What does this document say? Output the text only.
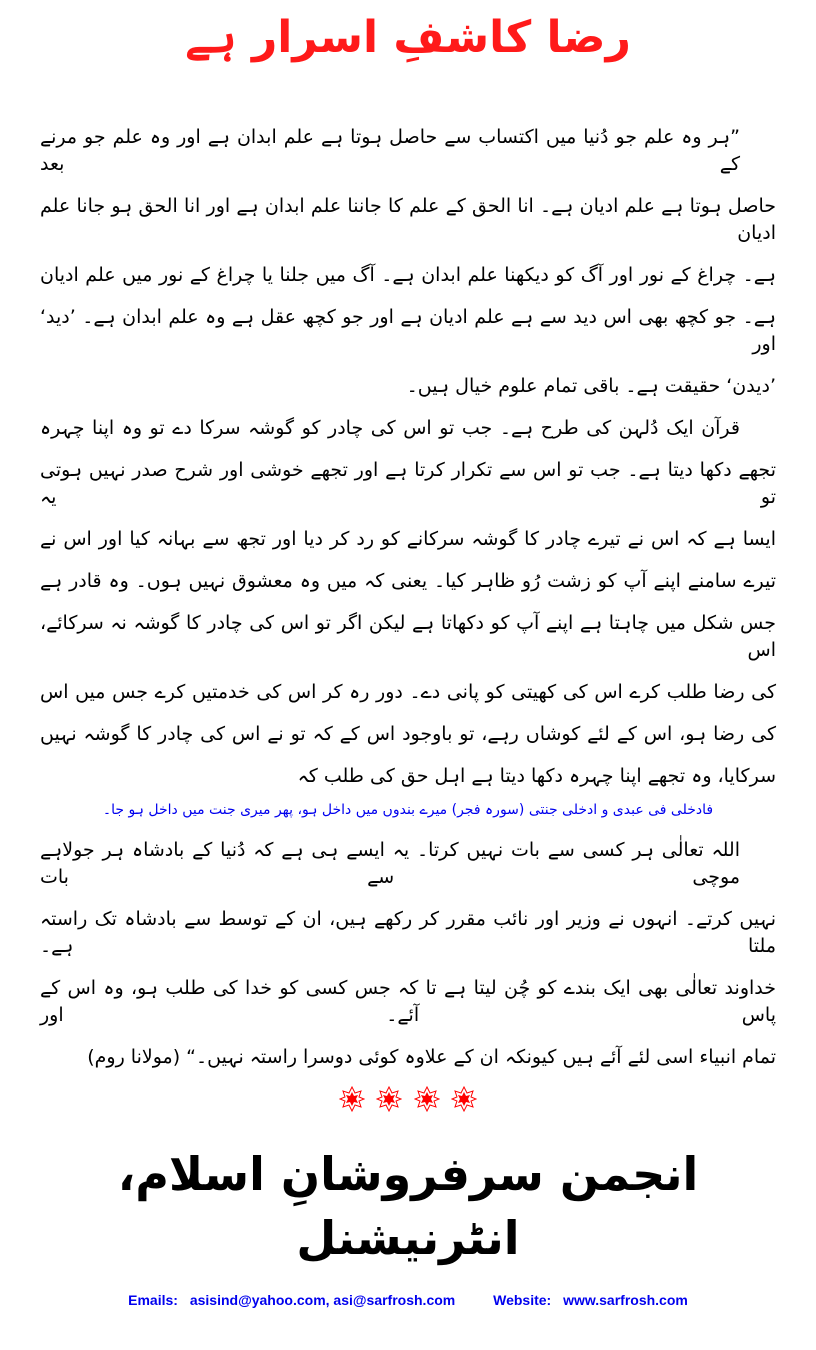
رضا کاشفِ اسرار ہے
”ہر وہ علم جو دُنیا میں اکتساب سے حاصل ہوتا ہے علم ابدان ہے اور وہ علم جو مرنے کے بعد
حاصل ہوتا ہے علم ادیان ہے۔ انا الحق کے علم کا جاننا علم ابدان ہے اور انا الحق ہو جانا علم ادیان
ہے۔ چراغ کے نور اور آگ کو دیکھنا علم ابدان ہے۔ آگ میں جلنا یا چراغ کے نور میں علم ادیان
ہے۔ جو کچھ بھی اس دید سے ہے علم ادیان ہے اور جو کچھ عقل ہے وہ علم ابدان ہے۔ ’دید‘ اور
’دیدن‘ حقیقت ہے۔ باقی تمام علوم خیال ہیں۔
قرآن ایک دُلہن کی طرح ہے۔ جب تو اس کی چادر کو گوشہ سرکا دے تو وہ اپنا چہرہ
تجھے دکھا دیتا ہے۔ جب تو اس سے تکرار کرتا ہے اور تجھے خوشی اور شرح صدر نہیں ہوتی تو یہ
ایسا ہے کہ اس نے تیرے چادر کا گوشہ سرکانے کو رد کر دیا اور تجھ سے بہانہ کیا اور اس نے
تیرے سامنے اپنے آپ کو زشت رُو ظاہر کیا۔ یعنی کہ میں وہ معشوق نہیں ہوں۔ وہ قادر ہے
جس شکل میں چاہتا ہے اپنے آپ کو دکھاتا ہے لیکن اگر تو اس کی چادر کا گوشہ نہ سرکائے، اس
کی رضا طلب کرے اس کی کھیتی کو پانی دے۔ دور رہ کر اس کی خدمتیں کرے جس میں اس
کی رضا ہو، اس کے لئے کوشاں رہے، تو باوجود اس کے کہ تو نے اس کی چادر کا گوشہ نہیں
سرکایا، وہ تجھے اپنا چہرہ دکھا دیتا ہے اہل حق کی طلب کہ
فادخلی فی عبدی و ادخلی جنتی (سورہ فجر) میرے بندوں میں داخل ہو، پھر میری جنت میں داخل ہو جا۔
اللہ تعالٰی ہر کسی سے بات نہیں کرتا۔ یہ ایسے ہی ہے کہ دُنیا کے بادشاہ ہر جولاہے موچی سے بات
نہیں کرتے۔ انہوں نے وزیر اور نائب مقرر کر رکھے ہیں، ان کے توسط سے بادشاہ تک راستہ ملتا ہے۔
خداوند تعالٰی بھی ایک بندے کو چُن لیتا ہے تا کہ جس کسی کو خدا کی طلب ہو، وہ اس کے پاس آئے۔ اور
تمام انبیاء اسی لئے آئے ہیں کیونکہ ان کے علاوہ کوئی دوسرا راستہ نہیں۔“ (مولانا روم)

انجمن سرفروشانِ اسلام، انٹرنیشنل
Emails: asisind@yahoo.com, asi@sarfrosh.com	Website: www.sarfrosh.com
